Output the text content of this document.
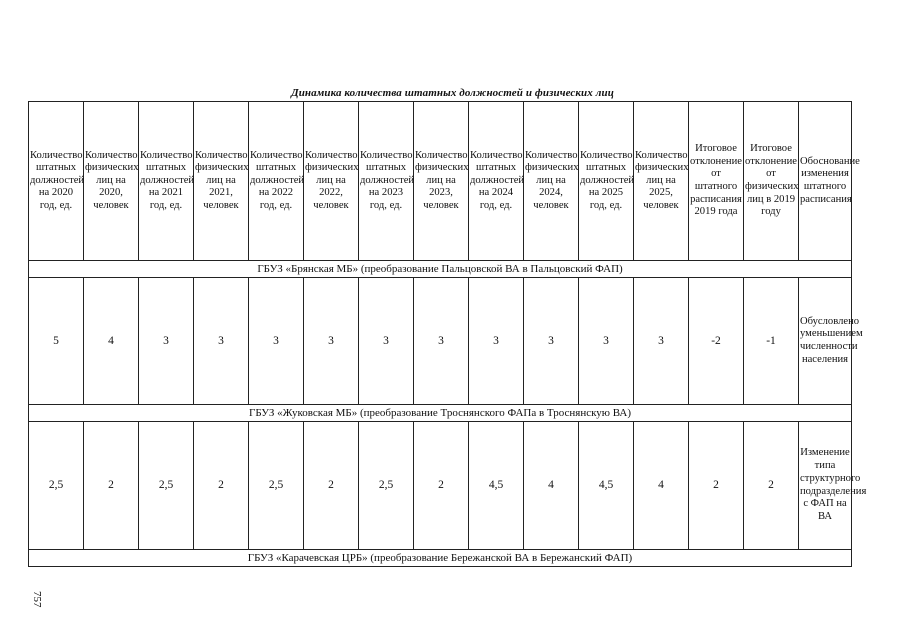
Динамика количества штатных должностей и физических лиц
Количество штатных должностей на 2020 год, ед.	Количество физических лиц на 2020, человек	Количество штатных должностей на 2021 год, ед.	Количество физических лиц на 2021, человек	Количество штатных должностей на 2022 год, ед.	Количество физических лиц на 2022, человек	Количество штатных должностей на 2023 год, ед.	Количество физических лиц на 2023, человек	Количество штатных должностей на 2024 год, ед.	Количество физических лиц на 2024, человек	Количество штатных должностей на 2025 год, ед.	Количество физических лиц на 2025, человек	Итоговое отклонение от штатного расписания 2019 года	Итоговое отклонение от физических лиц в 2019 году	Обоснование изменения штатного расписания
ГБУЗ «Брянская МБ» (преобразование Пальцовской ВА в Пальцовский ФАП)														
5	4	3	3	3	3	3	3	3	3	3	3	-2	-1	Обусловлено уменьшением численности населения
ГБУЗ «Жуковская МБ» (преобразование Троснянского ФАПа в Троснянскую ВА)														
2,5	2	2,5	2	2,5	2	2,5	2	4,5	4	4,5	4	2	2	Изменение типа структурного подразделения с ФАП на ВА
ГБУЗ «Карачевская ЦРБ» (преобразование Бережанской ВА в Бережанский ФАП)														
757
